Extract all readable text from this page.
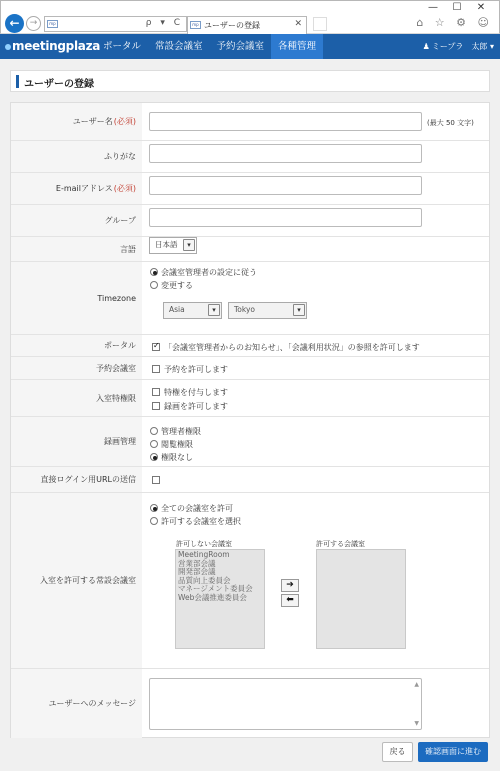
—	☐	✕
←	→	mp	ρ ▾ C	mp ユーザーの登録	✕	⌂ ☆ ⚙ ☺
meetingplaza ポータル	常設会議室	予約会議室	各種管理	♟ ミープラ 太郎 ▾
ユーザーの登録
ユーザー名 (必須)	(最大 50 文字)
ふりがな
E-mailアドレス (必須)
グループ
言語	日本語	▾
Timezone
会議室管理者の設定に従う
変更する
Asia	▾	Tokyo	▾
ポータル
✓	「会議室管理者からのお知らせ」、「会議利用状況」の参照を許可します
予約会議室	予約を許可します
入室特権限
特権を付与します
録画を許可します
録画管理
管理者権限
閲覧権限
権限なし
直接ログイン用URLの送信
入室を許可する常設会議室
全ての会議室を許可
許可する会議室を選択
許可しない会議室
MeetingRoom
営業部会議
開発部会議
品質向上委員会
マネージメント委員会
Web会議推進委員会
➔
⬅
許可する会議室
ユーザーへのメッセージ
▲
▼
戻る	確認画面に進む
